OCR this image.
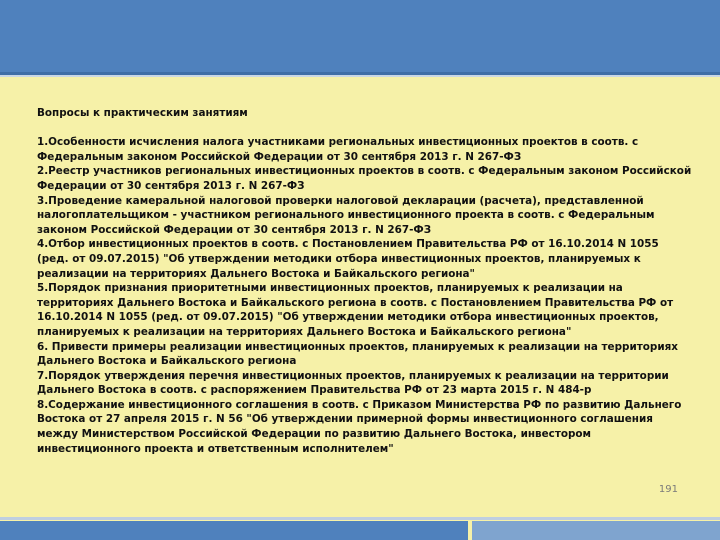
Вопросы к практическим занятиям
1.Особенности исчисления налога участниками региональных инвестиционных проектов в соотв. с Федеральным законом Российской Федерации от 30 сентября 2013 г. N 267-ФЗ
2.Реестр участников региональных инвестиционных проектов в соотв. с Федеральным законом Российской Федерации от 30 сентября 2013 г. N 267-ФЗ
3.Проведение камеральной налоговой проверки налоговой декларации (расчета), представленной налогоплательщиком - участником регионального инвестиционного проекта в соотв. с Федеральным законом Российской Федерации от 30 сентября 2013 г. N 267-ФЗ
4.Отбор инвестиционных проектов в соотв. с Постановлением Правительства РФ от 16.10.2014 N 1055 (ред. от 09.07.2015) "Об утверждении методики отбора инвестиционных проектов, планируемых к реализации на территориях Дальнего Востока и Байкальского региона"
5.Порядок признания приоритетными инвестиционных проектов, планируемых к реализации на территориях Дальнего Востока и Байкальского региона в соотв. с Постановлением Правительства РФ от 16.10.2014 N 1055 (ред. от 09.07.2015) "Об утверждении методики отбора инвестиционных проектов, планируемых к реализации на территориях Дальнего Востока и Байкальского региона"
6. Привести примеры реализации инвестиционных проектов, планируемых к реализации на территориях Дальнего Востока и Байкальского региона
7.Порядок утверждения перечня инвестиционных проектов, планируемых к реализации на территории Дальнего Востока в соотв. с распоряжением Правительства РФ от 23 марта 2015 г. N 484-р
8.Содержание инвестиционного соглашения в соотв. с Приказом Министерства РФ по развитию Дальнего Востока от 27 апреля 2015 г. N 56 "Об утверждении примерной формы инвестиционного соглашения между Министерством Российской Федерации по развитию Дальнего Востока, инвестором инвестиционного проекта и ответственным исполнителем"
191
